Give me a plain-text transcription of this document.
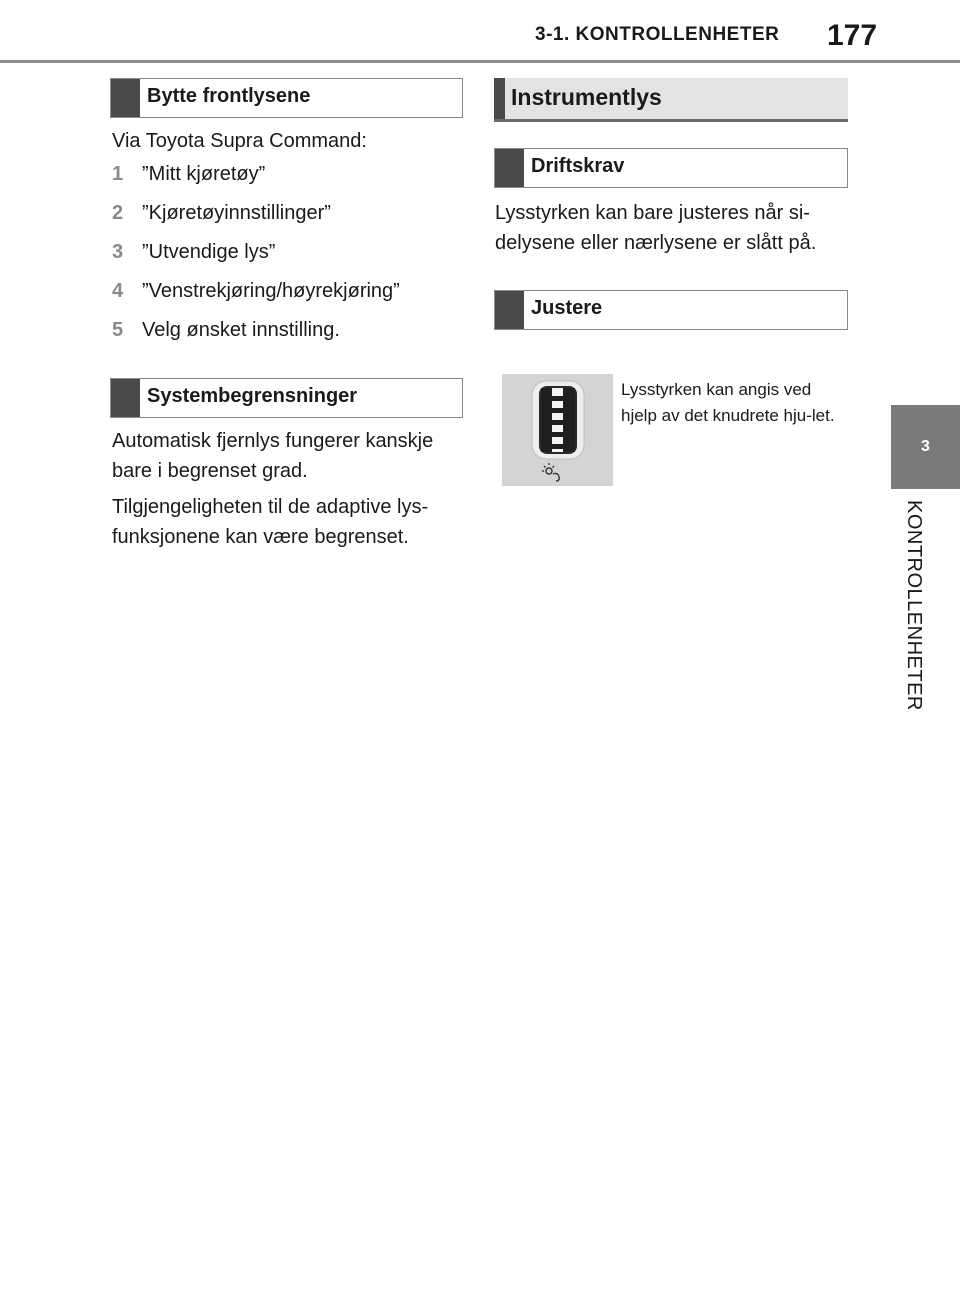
3-1. KONTROLLENHETER 177
3
KONTROLLENHETER
Bytte frontlysene
Via Toyota Supra Command:
1 ”Mitt kjøretøy”
2 ”Kjøretøyinnstillinger”
3 ”Utvendige lys”
4 ”Venstrekjøring/høyrekjøring”
5 Velg ønsket innstilling.
Systembegrensninger
Automatisk fjernlys fungerer kanskje bare i begrenset grad.
Tilgjengeligheten til de adaptive lys-funksjonene kan være begrenset.
Instrumentlys
Driftskrav
Lysstyrken kan bare justeres når si-delysene eller nærlysene er slått på.
Justere
Lysstyrken kan angis ved hjelp av det knudrete hju-let.
